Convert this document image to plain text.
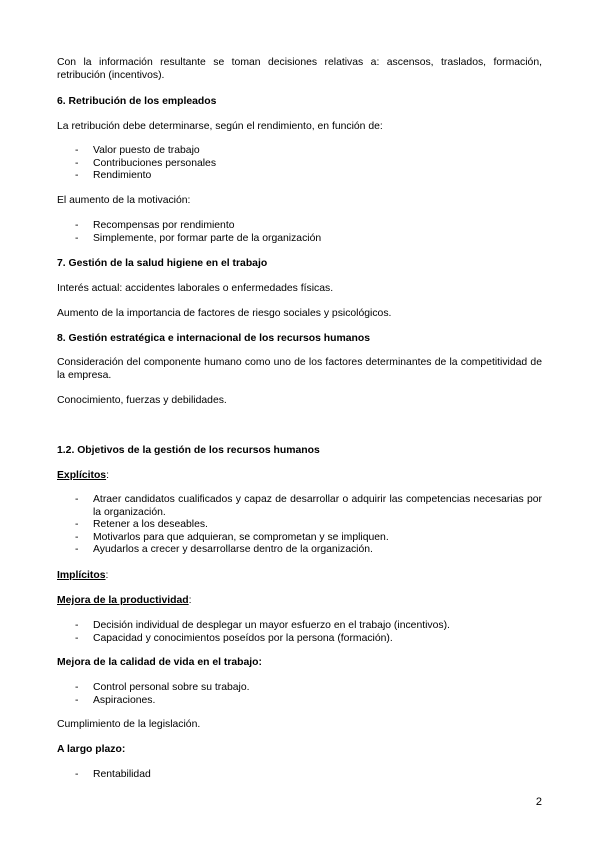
Con la información resultante se toman decisiones relativas a: ascensos, traslados, formación, retribución (incentivos).

6. Retribución de los empleados

La retribución debe determinarse, según el rendimiento, en función de:

- Valor puesto de trabajo
- Contribuciones personales
- Rendimiento

El aumento de la motivación:

- Recompensas por rendimiento
- Simplemente, por formar parte de la organización

7. Gestión de la salud higiene en el trabajo

Interés actual: accidentes laborales o enfermedades físicas.

Aumento de la importancia de factores de riesgo sociales y psicológicos.

8. Gestión estratégica e internacional de los recursos humanos

Consideración del componente humano como uno de los factores determinantes de la competitividad de la empresa.

Conocimiento, fuerzas y debilidades.

1.2. Objetivos de la gestión de los recursos humanos

Explícitos:

- Atraer candidatos cualificados y capaz de desarrollar o adquirir las competencias necesarias por la organización.
- Retener a los deseables.
- Motivarlos para que adquieran, se comprometan y se impliquen.
- Ayudarlos a crecer y desarrollarse dentro de la organización.

Implícitos:

Mejora de la productividad:

- Decisión individual de desplegar un mayor esfuerzo en el trabajo (incentivos).
- Capacidad y conocimientos poseídos por la persona (formación).

Mejora de la calidad de vida en el trabajo:

- Control personal sobre su trabajo.
- Aspiraciones.

Cumplimiento de la legislación.

A largo plazo:

- Rentabilidad
2
